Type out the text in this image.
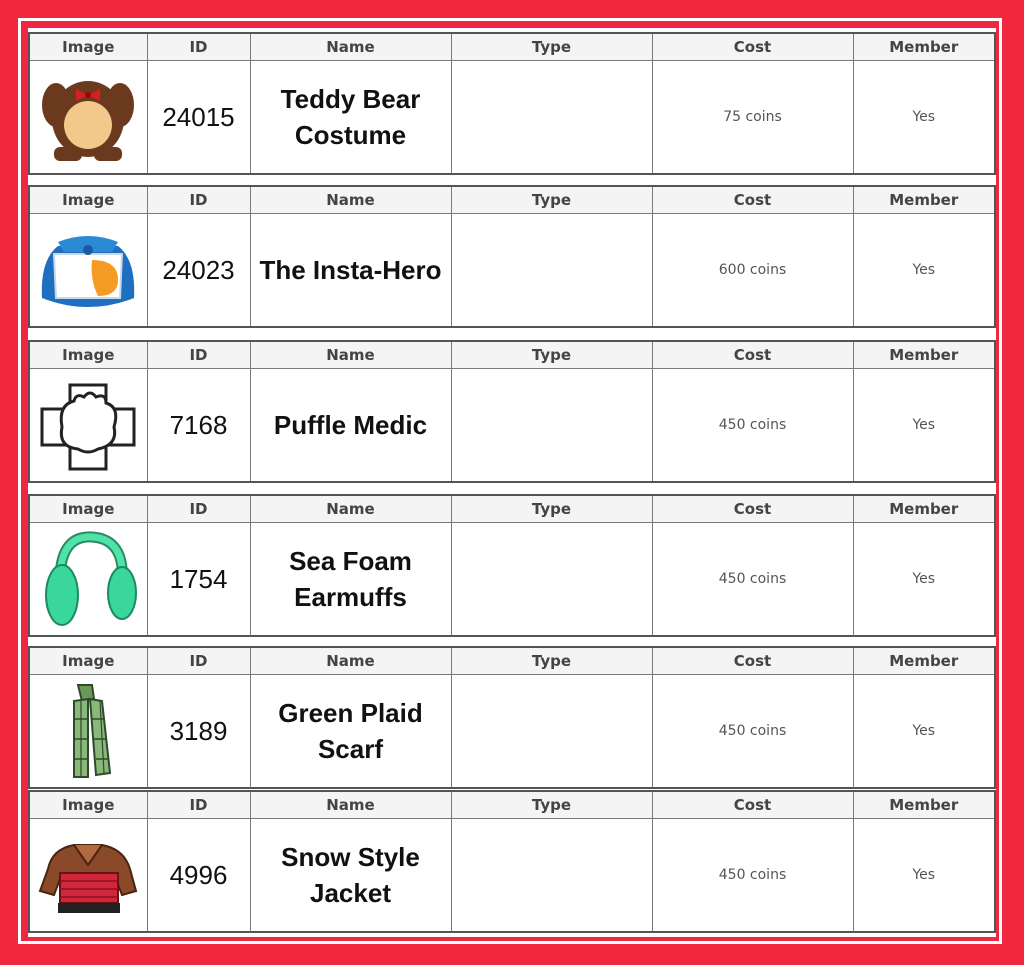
Image	ID	Name	Type	Cost	Member

	24015	Teddy Bear Costume		75 coins	Yes
Image	ID	Name	Type	Cost	Member

	24023	The Insta-Hero		600 coins	Yes
Image	ID	Name	Type	Cost	Member

	7168	Puffle Medic		450 coins	Yes
Image	ID	Name	Type	Cost	Member

	1754	Sea Foam Earmuffs		450 coins	Yes
Image	ID	Name	Type	Cost	Member

	3189	Green Plaid Scarf		450 coins	Yes
Image	ID	Name	Type	Cost	Member

	4996	Snow Style Jacket		450 coins	Yes
